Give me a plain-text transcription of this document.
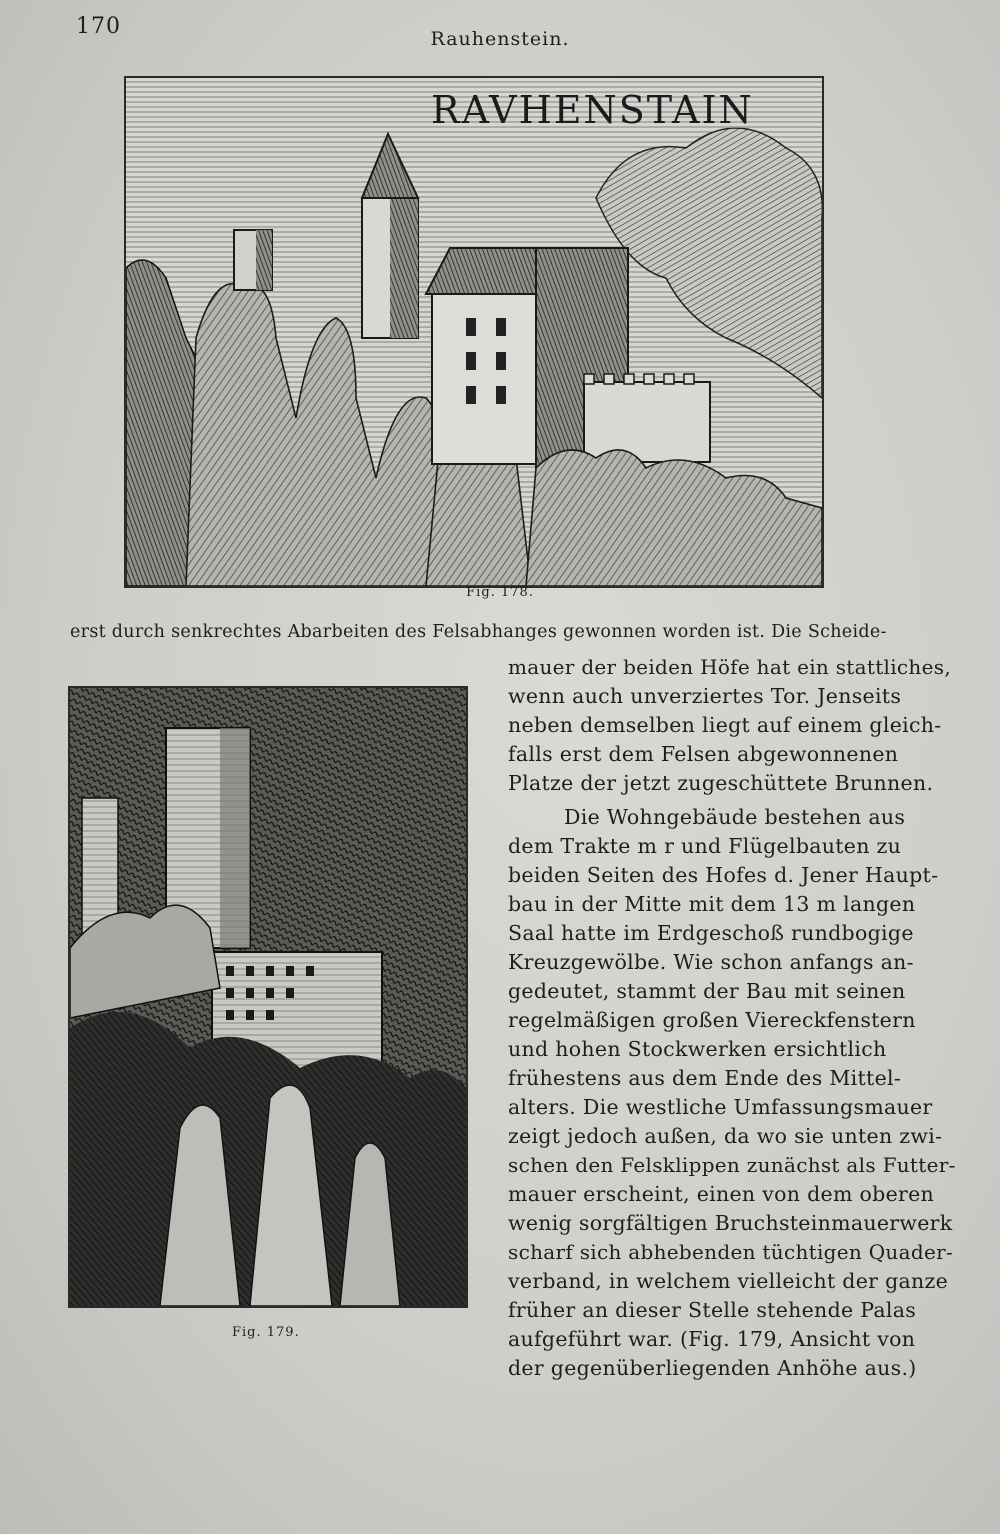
170	Rauhenstein.
RAVHENSTAIN
Fig. 178.
erst durch senkrechtes Abarbeiten des Felsabhanges gewonnen worden ist. Die Scheide-
Fig. 179.
mauer der beiden Höfe hat ein stattliches,
wenn auch unverziertes Tor. Jenseits
neben demselben liegt auf einem gleich-
falls erst dem Felsen abgewonnenen
Platze der jetzt zugeschüttete Brunnen.
Die Wohngebäude bestehen aus
dem Trakte m r und Flügelbauten zu
beiden Seiten des Hofes d. Jener Haupt-
bau in der Mitte mit dem 13 m langen
Saal hatte im Erdgeschoß rundbogige
Kreuzgewölbe. Wie schon anfangs an-
gedeutet, stammt der Bau mit seinen
regelmäßigen großen Viereckfenstern
und hohen Stockwerken ersichtlich
frühestens aus dem Ende des Mittel-
alters. Die westliche Umfassungsmauer
zeigt jedoch außen, da wo sie unten zwi-
schen den Felsklippen zunächst als Futter-
mauer erscheint, einen von dem oberen
wenig sorgfältigen Bruchsteinmauerwerk
scharf sich abhebenden tüchtigen Quader-
verband, in welchem vielleicht der ganze
früher an dieser Stelle stehende Palas
aufgeführt war. (Fig. 179, Ansicht von
der gegenüberliegenden Anhöhe aus.)
